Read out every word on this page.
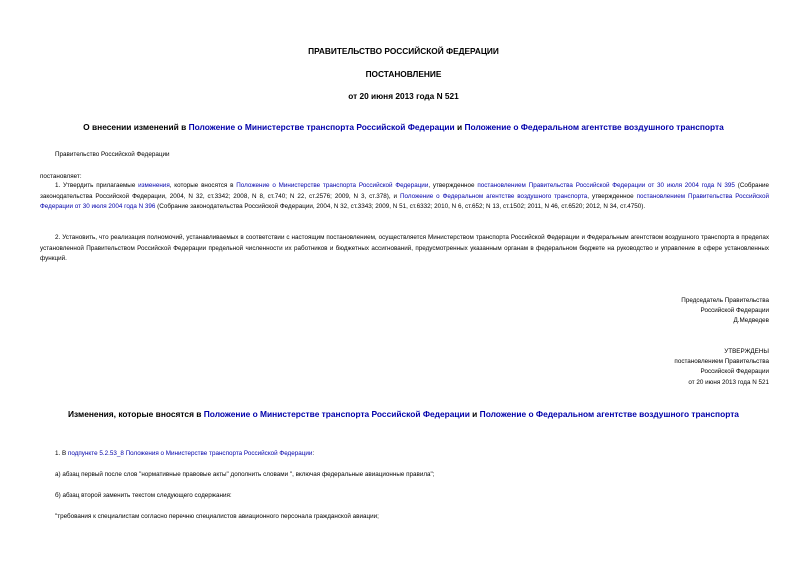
ПРАВИТЕЛЬСТВО РОССИЙСКОЙ ФЕДЕРАЦИИ
ПОСТАНОВЛЕНИЕ
от 20 июня 2013 года N 521
О внесении изменений в Положение о Министерстве транспорта Российской Федерации и Положение о Федеральном агентстве воздушного транспорта
Правительство Российской Федерации
постановляет:
1. Утвердить прилагаемые изменения, которые вносятся в Положение о Министерстве транспорта Российской Федерации, утвержденное постановлением Правительства Российской Федерации от 30 июля 2004 года N 395 (Собрание законодательства Российской Федерации, 2004, N 32, ст.3342; 2008, N 8, ст.740; N 22, ст.2576; 2009, N 3, ст.378), и Положение о Федеральном агентстве воздушного транспорта, утвержденное постановлением Правительства Российской Федерации от 30 июля 2004 года N 396 (Собрание законодательства Российской Федерации, 2004, N 32, ст.3343; 2009, N 51, ст.6332; 2010, N 6, ст.652; N 13, ст.1502; 2011, N 46, ст.6520; 2012, N 34, ст.4750).
2. Установить, что реализация полномочий, устанавливаемых в соответствии с настоящим постановлением, осуществляется Министерством транспорта Российской Федерации и Федеральным агентством воздушного транспорта в пределах установленной Правительством Российской Федерации предельной численности их работников и бюджетных ассигнований, предусмотренных указанным органам в федеральном бюджете на руководство и управление в сфере установленных функций.
Председатель Правительства
Российской Федерации
Д.Медведев
УТВЕРЖДЕНЫ
постановлением Правительства
Российской Федерации
от 20 июня 2013 года N 521
Изменения, которые вносятся в Положение о Министерстве транспорта Российской Федерации и Положение о Федеральном агентстве воздушного транспорта
1. В подпункте 5.2.53_8 Положения о Министерстве транспорта Российской Федерации:
а) абзац первый после слов "нормативные правовые акты" дополнить словами ", включая федеральные авиационные правила";
б) абзац второй заменить текстом следующего содержания:
"требования к специалистам согласно перечню специалистов авиационного персонала гражданской авиации;
